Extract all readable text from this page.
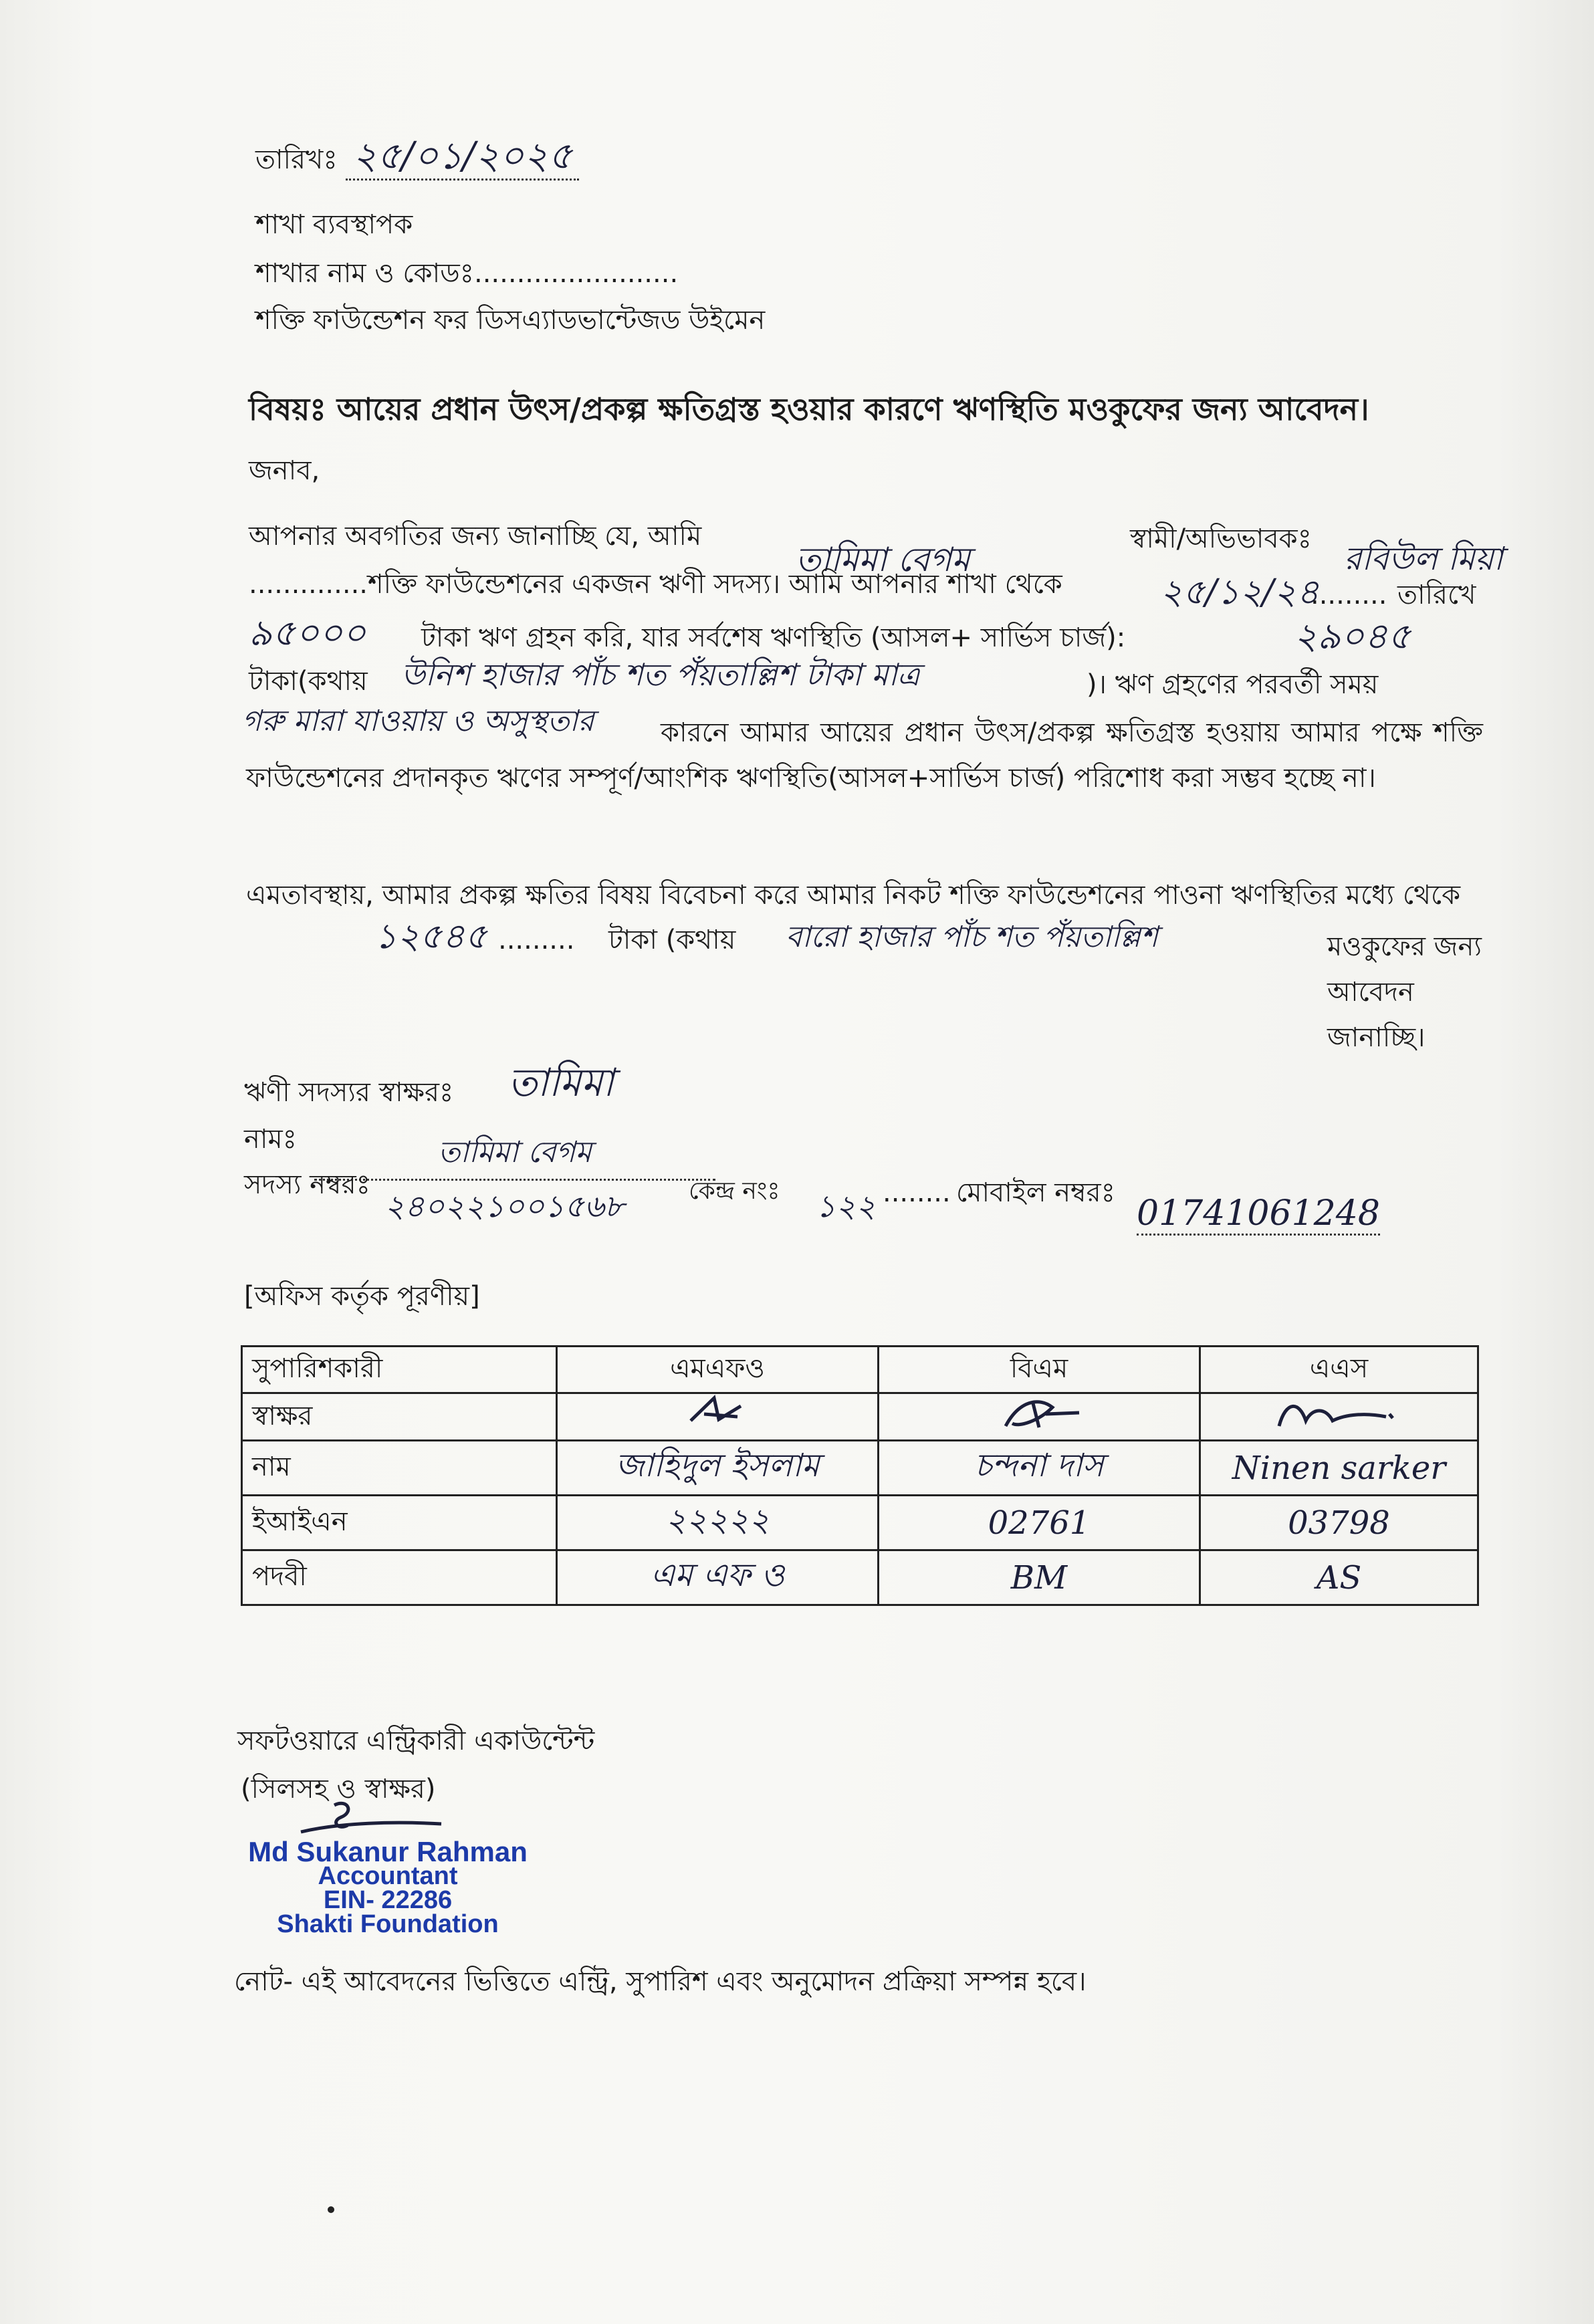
তারিখঃ ২৫/০১/২০২৫
শাখা ব্যবস্থাপক
শাখার নাম ও কোডঃ........................
শক্তি ফাউন্ডেশন ফর ডিসএ্যাডভান্টেজড উইমেন
বিষয়ঃ আয়ের প্রধান উৎস/প্রকল্প ক্ষতিগ্রস্ত হওয়ার কারণে ঋণস্থিতি মওকুফের জন্য আবেদন।
জনাব,
আপনার অবগতির জন্য জানাচ্ছি যে, আমি
তামিমা বেগম
স্বামী/অভিভাবকঃ
রবিউল মিয়া
..............শক্তি ফাউন্ডেশনের একজন ঋণী সদস্য। আমি আপনার শাখা থেকে	২৫/১২/২৪
......... তারিখে
৯৫০০০ টাকা ঋণ গ্রহন করি, যার সর্বশেষ ঋণস্থিতি (আসল+ সার্ভিস চার্জ):	২৯০৪৫
টাকা(কথায় উনিশ হাজার পাঁচ শত পঁয়তাল্লিশ টাকা মাত্র	)। ঋণ গ্রহণের পরবর্তী সময়
গরু মারা যাওয়ায় ও অসুস্থতার	কারনে আমার আয়ের প্রধান উৎস/প্রকল্প ক্ষতিগ্রস্ত হওয়ায় আমার পক্ষে শক্তি ফাউন্ডেশনের প্রদানকৃত ঋণের সম্পূর্ণ/আংশিক ঋণস্থিতি(আসল+সার্ভিস চার্জ) পরিশোধ করা সম্ভব হচ্ছে না।
এমতাবস্থায়, আমার প্রকল্প ক্ষতির বিষয় বিবেচনা করে আমার নিকট শক্তি ফাউন্ডেশনের পাওনা ঋণস্থিতির মধ্যে থেকে
১২৫৪৫ ......... টাকা (কথায় বারো হাজার পাঁচ শত পঁয়তাল্লিশ	মওকুফের জন্য আবেদন জানাচ্ছি।
ঋণী সদস্যর স্বাক্ষরঃ তামিমা
নামঃ	তামিমা বেগম
সদস্য নম্বরঃ
২৪০২২১০০১৫৬৮	কেন্দ্র নংঃ ১২২ ........ মোবাইল নম্বরঃ
01741061248
[অফিস কর্তৃক পূরণীয়]
সুপারিশকারী	এমএফও	বিএম	এএস
স্বাক্ষর			
নাম	জাহিদুল ইসলাম	চন্দনা দাস	Ninen sarker
ইআইএন	২২২২২	02761	03798
পদবী	এম এফ ও	BM	AS
সফটওয়ারে এন্ট্রিকারী একাউন্টেন্ট
(সিলসহ ও স্বাক্ষর)
Md Sukanur Rahman
Accountant
EIN- 22286
Shakti Foundation
নোট- এই আবেদনের ভিত্তিতে এন্ট্রি, সুপারিশ এবং অনুমোদন প্রক্রিয়া সম্পন্ন হবে।
